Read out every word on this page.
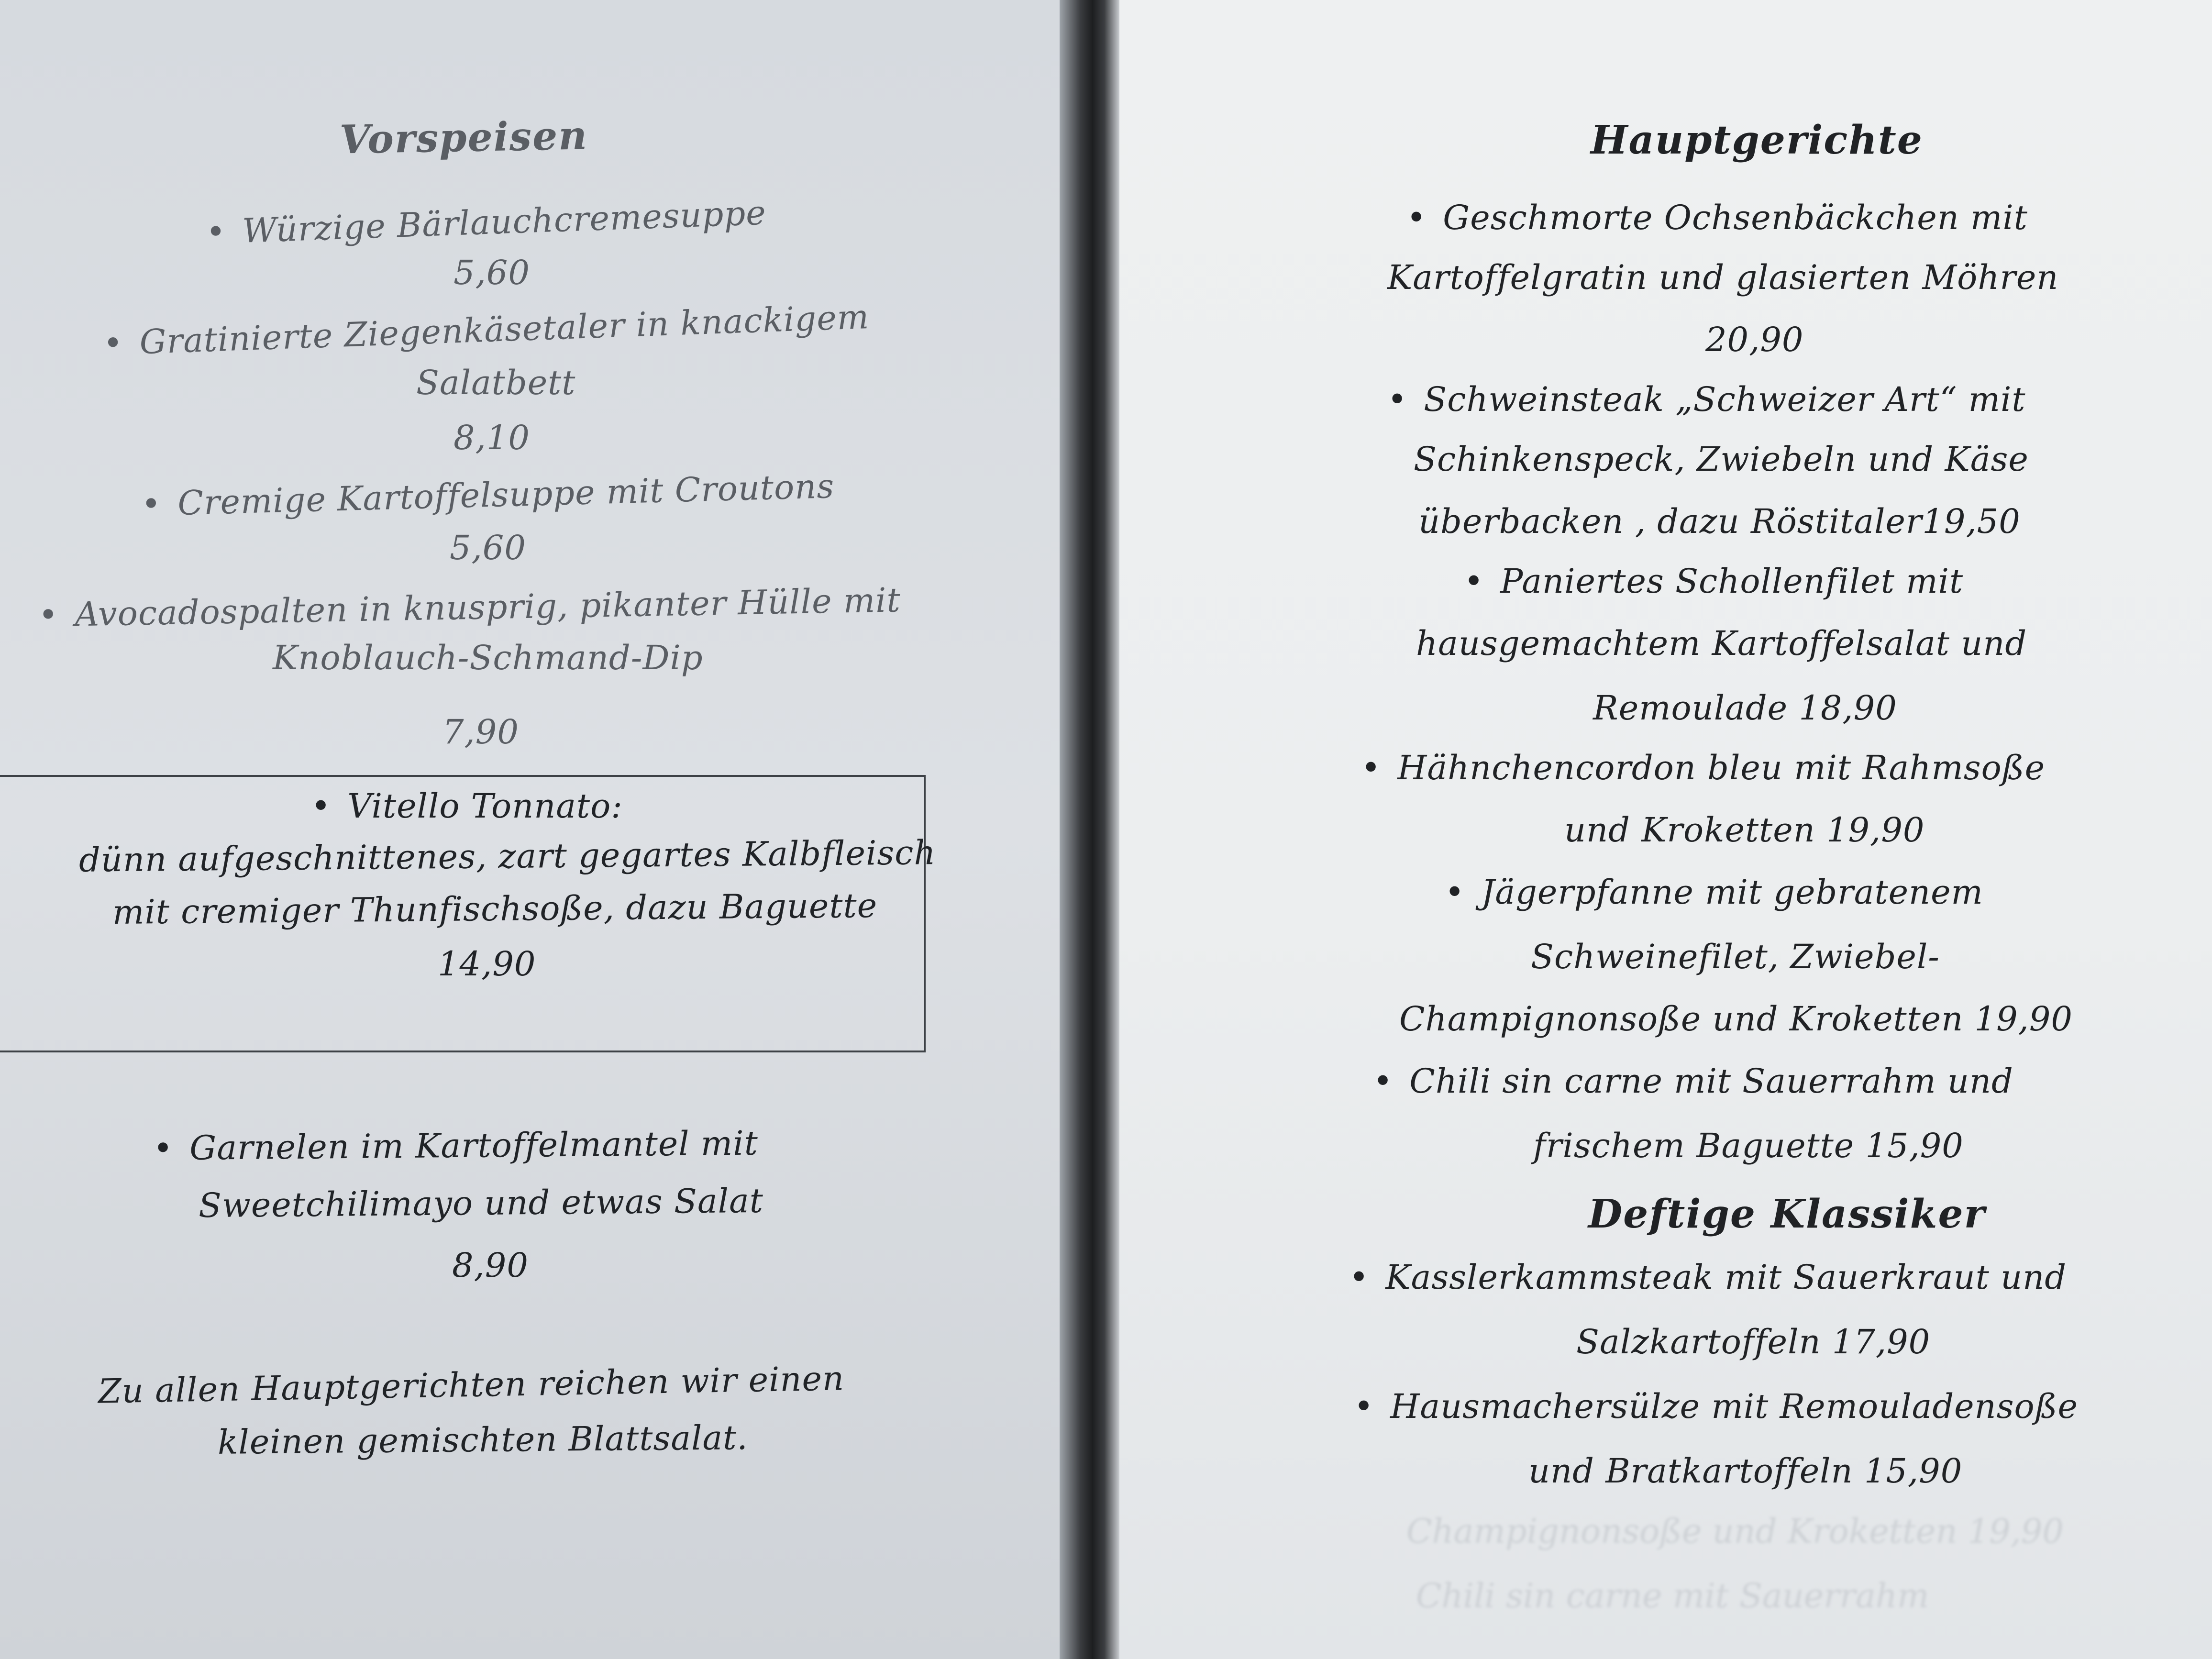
Vorspeisen
• Würzige Bärlauchcremesuppe
5,60
• Gratinierte Ziegenkäsetaler in knackigem
Salatbett
8,10
• Cremige Kartoffelsuppe mit Croutons
5,60
• Avocadospalten in knusprig, pikanter Hülle mit
Knoblauch-Schmand-Dip
7,90
• Vitello Tonnato:
dünn aufgeschnittenes, zart gegartes Kalbfleisch
mit cremiger Thunfischsoße, dazu Baguette
14,90
• Garnelen im Kartoffelmantel mit
Sweetchilimayo und etwas Salat
8,90
Zu allen Hauptgerichten reichen wir einen
kleinen gemischten Blattsalat.
Hauptgerichte
• Geschmorte Ochsenbäckchen mit
Kartoffelgratin und glasierten Möhren
20,90
• Schweinsteak „Schweizer Art“ mit
Schinkenspeck, Zwiebeln und Käse
überbacken , dazu Röstitaler19,50
• Paniertes Schollenfilet mit
hausgemachtem Kartoffelsalat und
Remoulade 18,90
• Hähnchencordon bleu mit Rahmsoße
und Kroketten 19,90
• Jägerpfanne mit gebratenem
Schweinefilet, Zwiebel-
Champignonsoße und Kroketten 19,90
• Chili sin carne mit Sauerrahm und
frischem Baguette 15,90
Deftige Klassiker
• Kasslerkammsteak mit Sauerkraut und
Salzkartoffeln 17,90
• Hausmachersülze mit Remouladensoße
und Bratkartoffeln 15,90
Champignonsoße und Kroketten 19,90
Chili sin carne mit Sauerrahm
